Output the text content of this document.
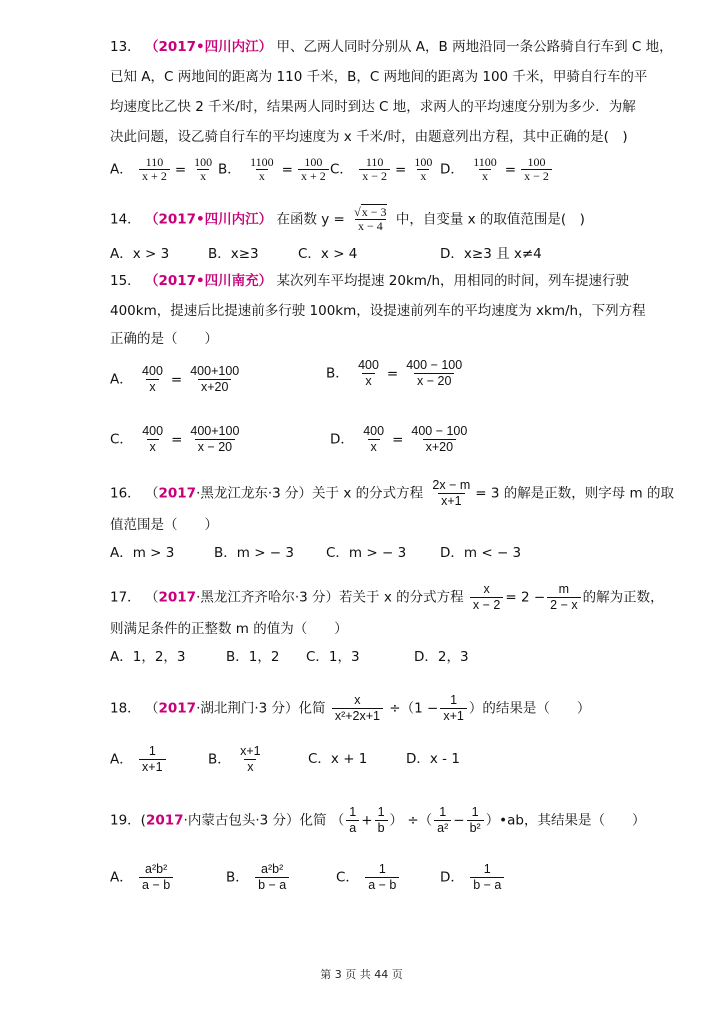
13． （2017•四川内江） 甲、乙两人同时分别从 A，B 两地沿同一条公路骑自行车到 C 地，
已知 A，C 两地间的距离为 110 千米，B，C 两地间的距离为 100 千米，甲骑自行车的平
均速度比乙快 2 千米/时，结果两人同时到达 C 地，求两人的平均速度分别为多少．为解
决此问题，设乙骑自行车的平均速度为 x 千米/时，由题意列出方程，其中正确的是(　)
A． $\frac{110}{x + 2} = \frac{100}{x}$ B． $\frac{1100}{x} = \frac{100}{x + 2}$ C． $\frac{110}{x - 2} = \frac{100}{x}$ D． $\frac{1100}{x} = \frac{100}{x - 2}$
14． （2017•四川内江） 在函数 $y = \frac{√x - 3}{x - 4}$ 中，自变量 x 的取值范围是(　)
A．x > 3	B．x≥3	C．x > 4	D．x≥3 且 x≠4
15． （2017•四川南充） 某次列车平均提速 20km/h，用相同的时间，列车提速行驶
400km，提速后比提速前多行驶 100km，设提速前列车的平均速度为 xkm/h，下列方程
正确的是（　　）
A． $\frac{400}{x} = \frac{400+100}{x+20}$	B． $\frac{400}{x} = \frac{400 - 100}{x - 20}$
C． $\frac{400}{x} = \frac{400+100}{x - 20}$	D． $\frac{400}{x} = \frac{400 - 100}{x+20}$
16． （2017·黑龙江龙东·3 分）关于 x 的分式方程 $\frac{2x - m}{x+1} = 3$ 的解是正数，则字母 m 的取
值范围是（　　）
A．m > 3	B．m > − 3 C．m > − 3	D．m < − 3
17． （2017·黑龙江齐齐哈尔·3 分）若关于 x 的分式方程 $\frac{x}{x - 2} = 2 - \frac{m}{2 - x}$ 的解为正数，
则满足条件的正整数 m 的值为（　　）
A．1，2，3	B．1，2 C．1，3	D．2，3
18． （2017·湖北荆门·3 分）化简 $\frac{x}{\text{x²+2x+1}} \div(1 - \frac{1}{x+1}$ ）的结果是（　　）
A． $\frac{1}{x+1}$	B． $\frac{x+1}{x}$	C．x + 1	D．x - 1
19．(2017·内蒙古包头·3 分）化简 （ $\frac{1}{a} + \frac{1}{b}$ ） ÷（ $\frac{1}{\text{a²}} - \frac{1}{\text{b²}}$ ）•ab，其结果是（　　）
A． $\frac{\text{a²b²}}{a - b}$	B． $\frac{\text{a²b²}}{b - a}$	C． $\frac{1}{a - b}$	D． $\frac{1}{b - a}$
第 3 页 共 44 页
